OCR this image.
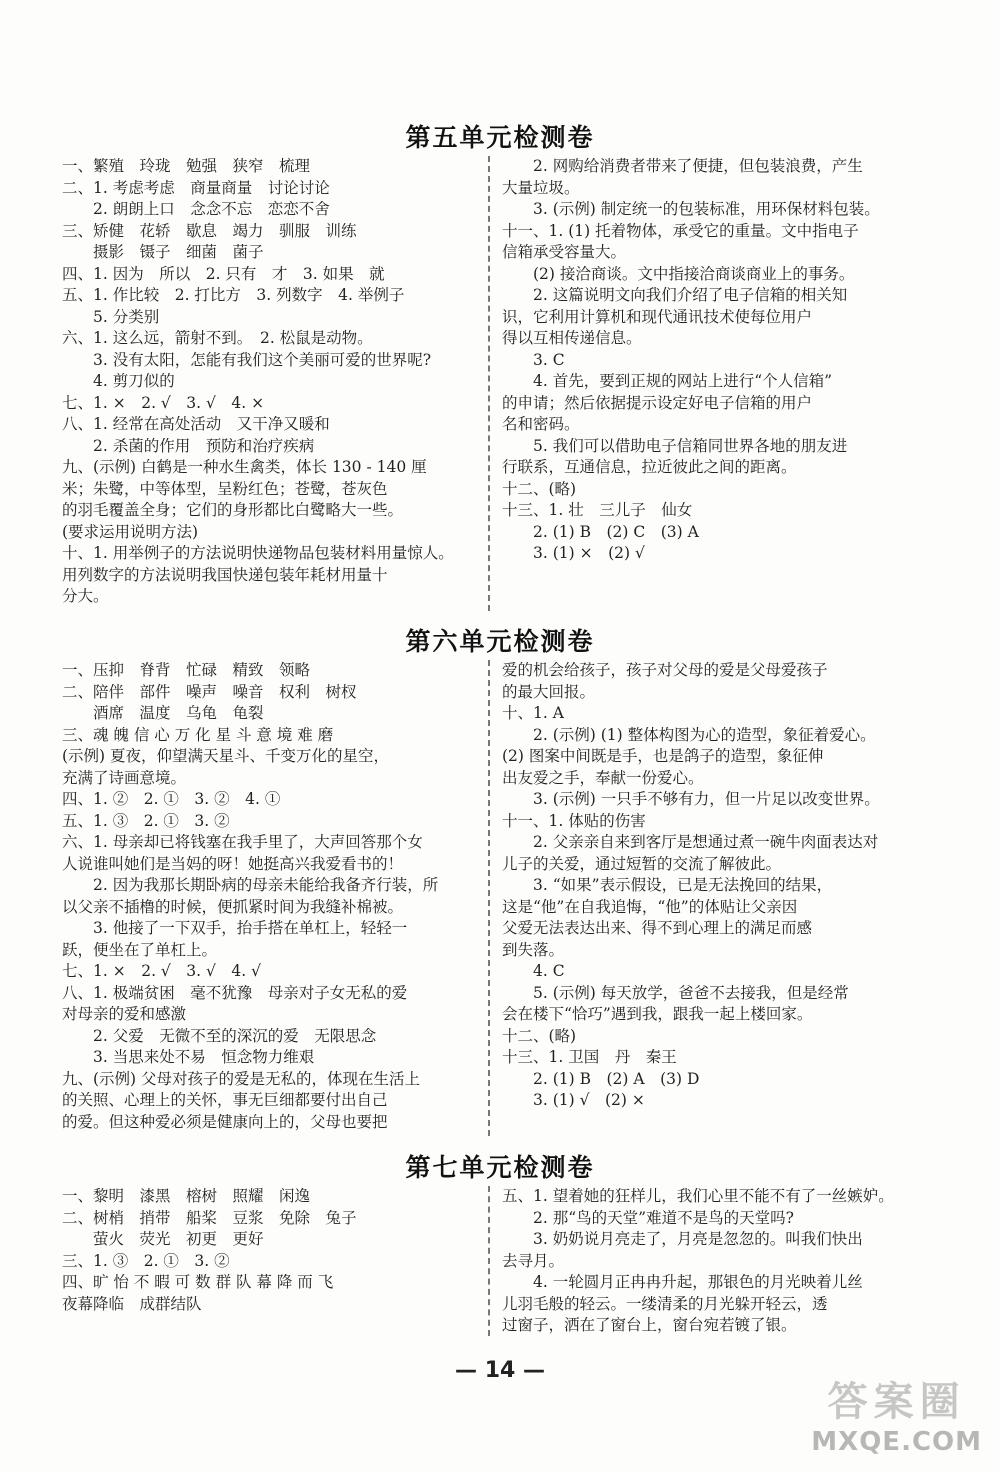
第五单元检测卷
一、繁殖　玲珑　勉强　狭窄　梳理
二、1. 考虑考虑　商量商量　讨论讨论
　　2. 朗朗上口　念念不忘　恋恋不舍
三、矫健　花轿　歇息　竭力　驯服　训练
　　摄影　镊子　细菌　菌子
四、1. 因为　所以　2. 只有　才　3. 如果　就
五、1. 作比较　2. 打比方　3. 列数字　4. 举例子
　　5. 分类别
六、1. 这么远，箭射不到。　2. 松鼠是动物。
　　3. 没有太阳，怎能有我们这个美丽可爱的世界呢?
　　4. 剪刀似的
七、1. ×　2. √　3. √　4. ×
八、1. 经常在高处活动　又干净又暖和
　　2. 杀菌的作用　预防和治疗疾病
九、(示例) 白鹤是一种水生禽类，体长 130 - 140 厘
米；朱鹭，中等体型，呈粉红色；苍鹭，苍灰色
的羽毛覆盖全身；它们的身形都比白鹭略大一些。
(要求运用说明方法)
十、1. 用举例子的方法说明快递物品包装材料用量惊人。
用列数字的方法说明我国快递包装年耗材用量十
分大。
　　2. 网购给消费者带来了便捷，但包装浪费，产生
大量垃圾。
　　3. (示例) 制定统一的包装标准，用环保材料包装。
十一、1. (1) 托着物体，承受它的重量。文中指电子
信箱承受容量大。
　　(2) 接洽商谈。文中指接洽商谈商业上的事务。
　　2. 这篇说明文向我们介绍了电子信箱的相关知
识，它利用计算机和现代通讯技术使每位用户
得以互相传递信息。
　　3. C
　　4. 首先，要到正规的网站上进行“个人信箱”
的申请；然后依据提示设定好电子信箱的用户
名和密码。
　　5. 我们可以借助电子信箱同世界各地的朋友进
行联系，互通信息，拉近彼此之间的距离。
十二、(略)
十三、1. 壮　三儿子　仙女
　　2. (1) B　(2) C　(3) A
　　3. (1) ×　(2) √
第六单元检测卷
一、压抑　脊背　忙碌　精致　领略
二、陪伴　部件　噪声　噪音　权利　树杈
　　酒席　温度　乌龟　龟裂
三、魂 魄 信 心 万 化 星 斗 意 境 难 磨
(示例) 夏夜，仰望满天星斗、千变万化的星空，
充满了诗画意境。
四、1. ②　2. ①　3. ②　4. ①
五、1. ③　2. ①　3. ②
六、1. 母亲却已将钱塞在我手里了，大声回答那个女
人说谁叫她们是当妈的呀！她挺高兴我爱看书的！
　　2. 因为我那长期卧病的母亲未能给我备齐行装，所
以父亲不插橹的时候，便抓紧时间为我缝补棉被。
　　3. 他接了一下双手，抬手搭在单杠上，轻轻一
跃，便坐在了单杠上。
七、1. ×　2. √　3. √　4. √
八、1. 极端贫困　毫不犹豫　母亲对子女无私的爱
对母亲的爱和感激
　　2. 父爱　无微不至的深沉的爱　无限思念
　　3. 当思来处不易　恒念物力维艰
九、(示例) 父母对孩子的爱是无私的，体现在生活上
的关照、心理上的关怀，事无巨细都要付出自己
的爱。但这种爱必须是健康向上的，父母也要把
爱的机会给孩子，孩子对父母的爱是父母爱孩子
的最大回报。
十、1. A
　　2. (示例) (1) 整体构图为心的造型，象征着爱心。
(2) 图案中间既是手，也是鸽子的造型，象征伸
出友爱之手，奉献一份爱心。
　　3. (示例) 一只手不够有力，但一片足以改变世界。
十一、1. 体贴的伤害
　　2. 父亲亲自来到客厅是想通过煮一碗牛肉面表达对
儿子的关爱，通过短暂的交流了解彼此。
　　3. “如果”表示假设，已是无法挽回的结果，
这是“他”在自我追悔，“他”的体贴让父亲因
父爱无法表达出来、得不到心理上的满足而感
到失落。
　　4. C
　　5. (示例) 每天放学，爸爸不去接我，但是经常
会在楼下“恰巧”遇到我，跟我一起上楼回家。
十二、(略)
十三、1. 卫国　丹　秦王
　　2. (1) B　(2) A　(3) D
　　3. (1) √　(2) ×
第七单元检测卷
一、黎明　漆黑　榕树　照耀　闲逸
二、树梢　捎带　船桨　豆浆　免除　兔子
　　萤火　荧光　初更　更好
三、1. ③　2. ①　3. ②
四、旷 怡 不 暇 可 数 群 队 幕 降 而 飞
夜幕降临　成群结队
五、1. 望着她的狂样儿，我们心里不能不有了一丝嫉妒。
　　2. 那“鸟的天堂”难道不是鸟的天堂吗?
　　3. 奶奶说月亮走了，月亮是忽忽的。叫我们快出
去寻月。
　　4. 一轮圆月正冉冉升起，那银色的月光映着儿丝
儿羽毛般的轻云。一缕清柔的月光躲开轻云，透
过窗子，洒在了窗台上，窗台宛若镀了银。
— 14 —
答案圈
MXQE.COM
